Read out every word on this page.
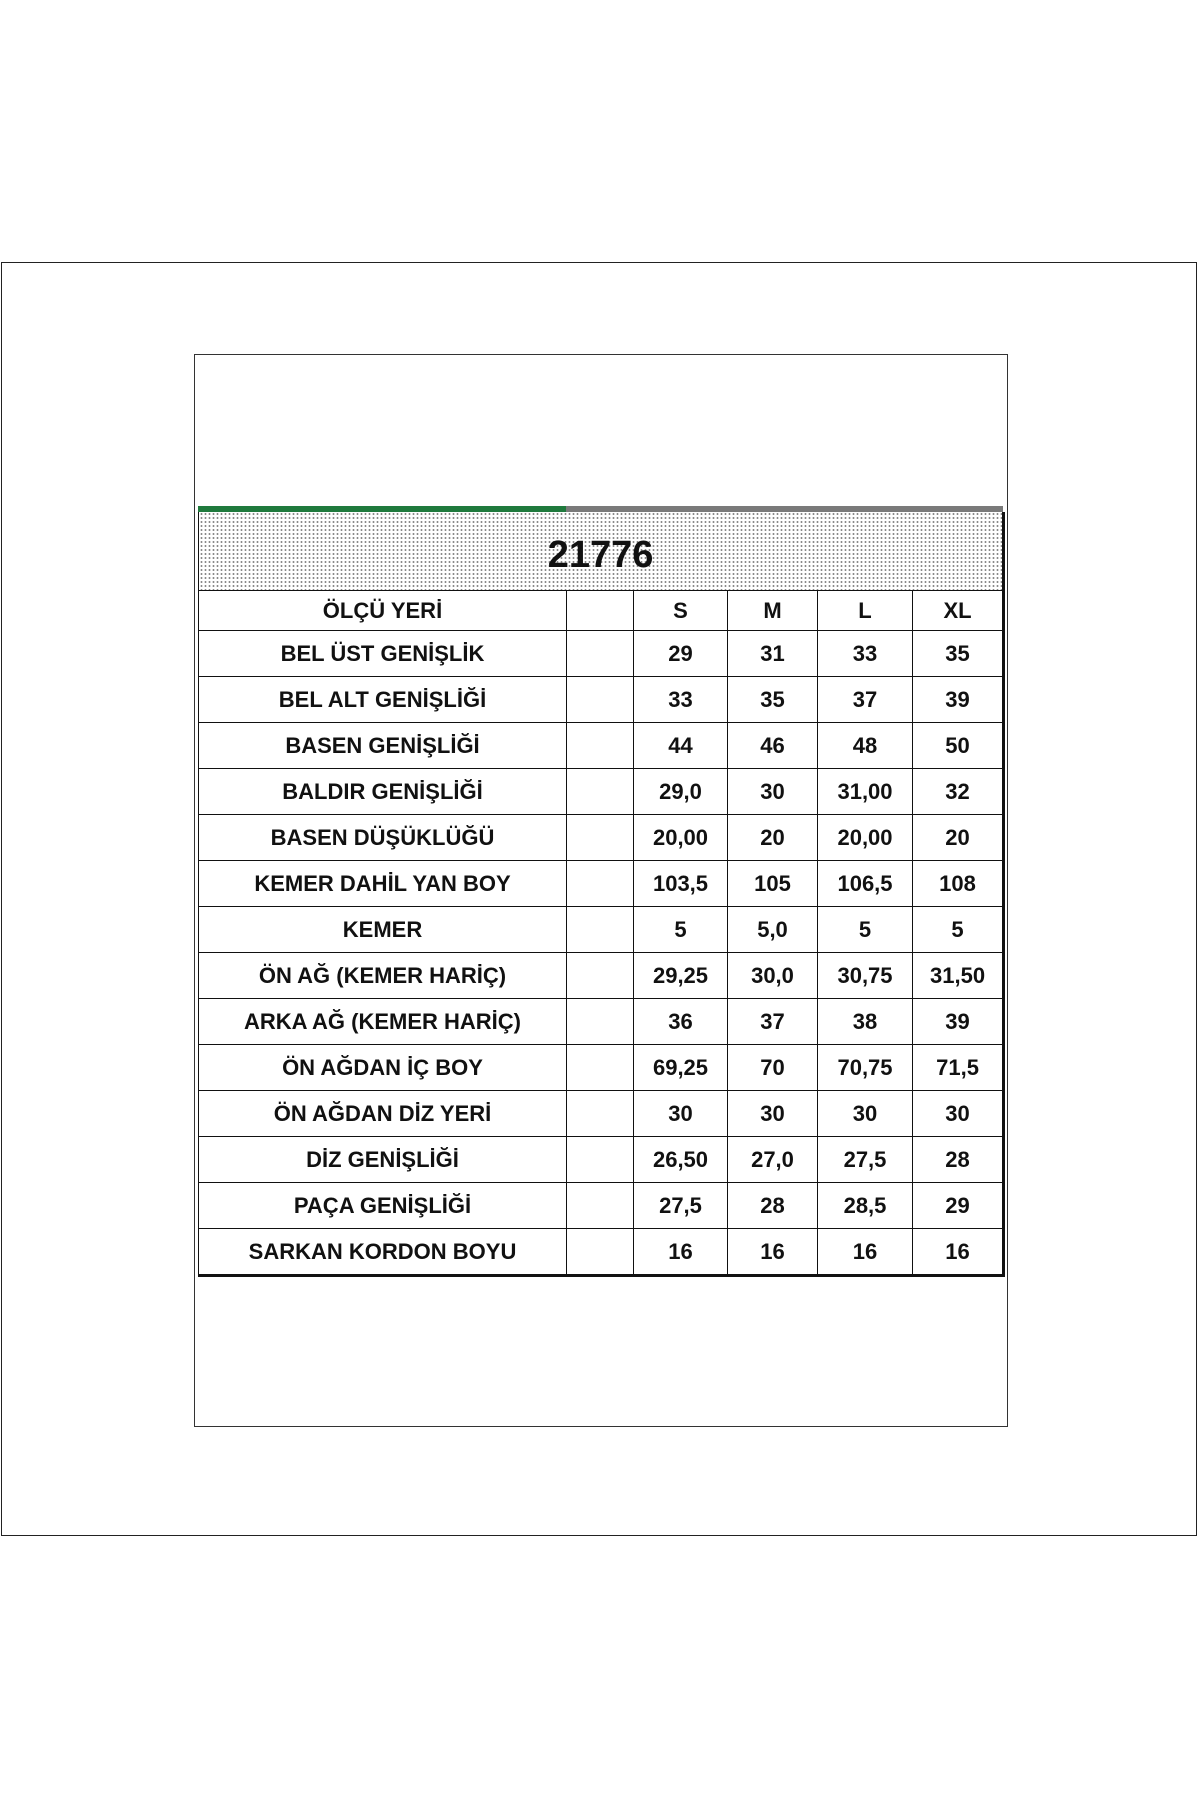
21776					
ÖLÇÜ YERİ		S	M	L	XL
BEL ÜST GENİŞLİK		29	31	33	35
BEL ALT GENİŞLİĞİ		33	35	37	39
BASEN GENİŞLİĞİ		44	46	48	50
BALDIR GENİŞLİĞİ		29,0	30	31,00	32
BASEN DÜŞÜKLÜĞÜ		20,00	20	20,00	20
KEMER DAHİL YAN BOY		103,5	105	106,5	108
KEMER		5	5,0	5	5
ÖN AĞ (KEMER HARİÇ)		29,25	30,0	30,75	31,50
ARKA AĞ (KEMER HARİÇ)		36	37	38	39
ÖN AĞDAN İÇ BOY		69,25	70	70,75	71,5
ÖN AĞDAN DİZ YERİ		30	30	30	30
DİZ GENİŞLİĞİ		26,50	27,0	27,5	28
PAÇA GENİŞLİĞİ		27,5	28	28,5	29
SARKAN KORDON BOYU		16	16	16	16
